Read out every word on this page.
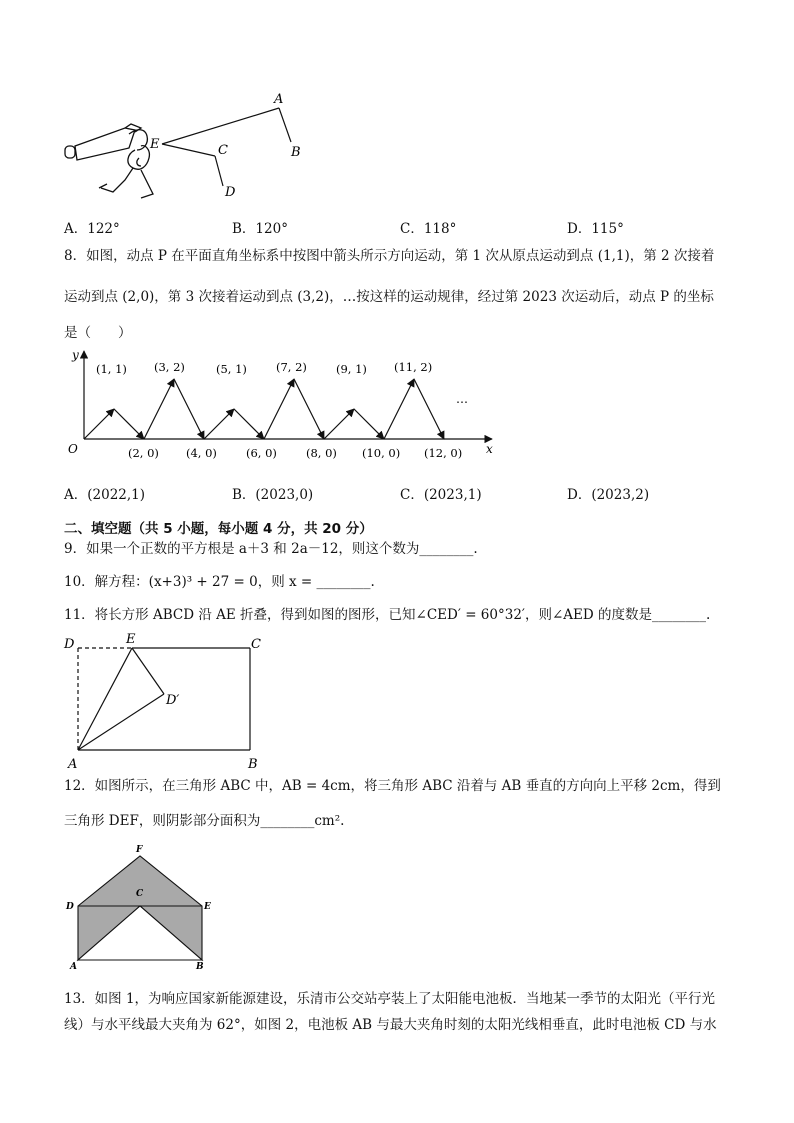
A
B
C
D
E
A．122°	B．120°	C．118°	D．115°
8．如图，动点 P 在平面直角坐标系中按图中箭头所示方向运动，第 1 次从原点运动到点 (1,1)，第 2 次接着
运动到点 (2,0)，第 3 次接着运动到点 (3,2)，…按这样的运动规律，经过第 2023 次运动后，动点 P 的坐标
是（　　）
y
x
O
(1, 1) (3, 2)	(5, 1)	(7, 2)	(9, 1) (11, 2)
…
(2, 0) (4, 0)	(6, 0)	(8, 0) (10, 0) (12, 0)
A．(2022,1)	B．(2023,0)	C．(2023,1)	D．(2023,2)
二、填空题（共 5 小题，每小题 4 分，共 20 分）
9．如果一个正数的平方根是 a＋3 和 2a－12，则这个数为________.
10．解方程：(x+3)³ + 27 = 0，则 x = ________.
11．将长方形 ABCD 沿 AE 折叠，得到如图的图形，已知∠CED′ = 60°32′，则∠AED 的度数是________.
D	E	C
D′
A	B
12．如图所示，在三角形 ABC 中，AB = 4cm，将三角形 ABC 沿着与 AB 垂直的方向向上平移 2cm，得到
三角形 DEF，则阴影部分面积为________cm².
F
C
D	E
A	B
13．如图 1，为响应国家新能源建设，乐清市公交站亭装上了太阳能电池板．当地某一季节的太阳光（平行光
线）与水平线最大夹角为 62°，如图 2，电池板 AB 与最大夹角时刻的太阳光线相垂直，此时电池板 CD 与水
